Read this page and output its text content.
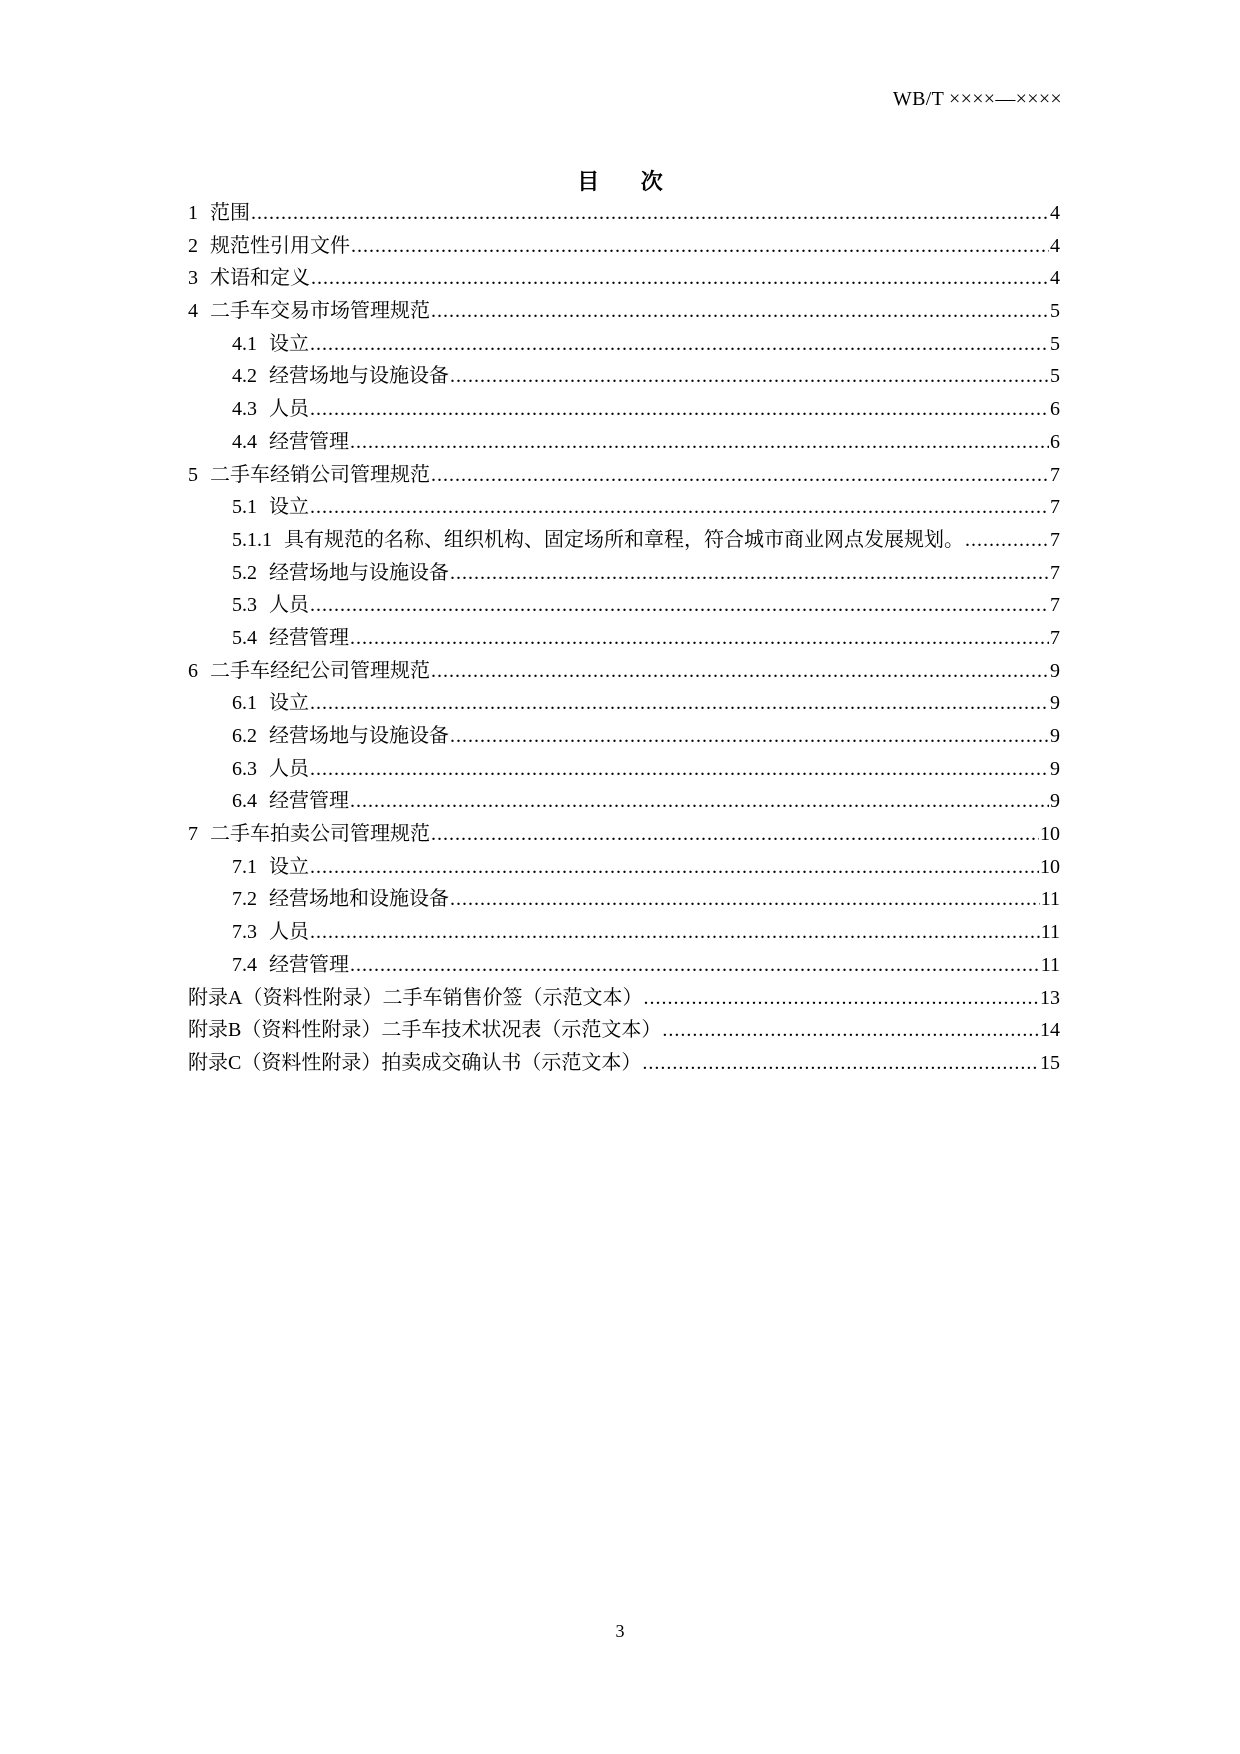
WB/T ××××—××××
目 次
1 范围 .....	4
2 规范性引用文件 .....	4
3 术语和定义 .....	4
4 二手车交易市场管理规范 .....	5
4.1 设立 .....	5
4.2 经营场地与设施设备 .....	5
4.3 人员 .....	6
4.4 经营管理 .....	6
5 二手车经销公司管理规范 .....	7
5.1 设立 .....	7
5.1.1 具有规范的名称、组织机构、固定场所和章程，符合城市商业网点发展规划。 .....	7
5.2 经营场地与设施设备 .....	7
5.3 人员 .....	7
5.4 经营管理 .....	7
6 二手车经纪公司管理规范 .....	9
6.1 设立 .....	9
6.2 经营场地与设施设备 .....	9
6.3 人员 .....	9
6.4 经营管理 .....	9
7 二手车拍卖公司管理规范 .....	10
7.1 设立 .....	10
7.2 经营场地和设施设备 .....	11
7.3 人员 .....	11
7.4 经营管理 .....	11
附录A（资料性附录）二手车销售价签（示范文本） .....	13
附录B（资料性附录）二手车技术状况表（示范文本） .....	14
附录C（资料性附录）拍卖成交确认书（示范文本） .....	15
3
